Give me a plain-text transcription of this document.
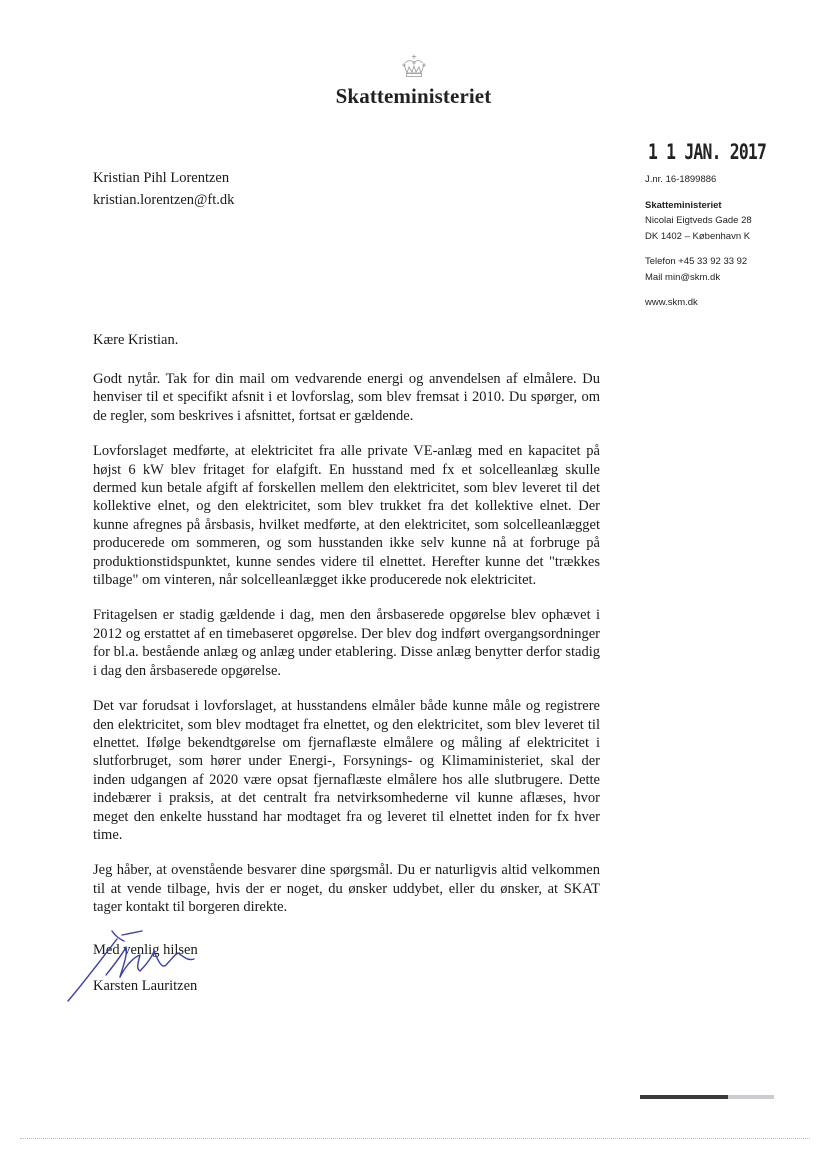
Skatteministeriet
1 1 JAN. 2017
Kristian Pihl Lorentzen
kristian.lorentzen@ft.dk
J.nr. 16-1899886
Skatteministeriet
Nicolai Eigtveds Gade 28
DK 1402 – København K
Telefon +45 33 92 33 92
Mail min@skm.dk
www.skm.dk
Kære Kristian.

Godt nytår. Tak for din mail om vedvarende energi og anvendelsen af elmålere. Du henviser til et specifikt afsnit i et lovforslag, som blev fremsat i 2010. Du spørger, om de regler, som beskrives i afsnittet, fortsat er gældende.

Lovforslaget medførte, at elektricitet fra alle private VE-anlæg med en kapacitet på højst 6 kW blev fritaget for elafgift. En husstand med fx et solcelleanlæg skulle dermed kun betale afgift af forskellen mellem den elektricitet, som blev leveret til det kollektive elnet, og den elektricitet, som blev trukket fra det kollektive elnet. Der kunne afregnes på årsbasis, hvilket medførte, at den elektricitet, som solcelleanlægget producerede om sommeren, og som husstanden ikke selv kunne nå at forbruge på produktionstidspunktet, kunne sendes videre til elnettet. Herefter kunne det "trækkes tilbage" om vinteren, når solcelleanlægget ikke producerede nok elektricitet.

Fritagelsen er stadig gældende i dag, men den årsbaserede opgørelse blev ophævet i 2012 og erstattet af en timebaseret opgørelse. Der blev dog indført overgangsordninger for bl.a. bestående anlæg og anlæg under etablering. Disse anlæg benytter derfor stadig i dag den årsbaserede opgørelse.

Det var forudsat i lovforslaget, at husstandens elmåler både kunne måle og registrere den elektricitet, som blev modtaget fra elnettet, og den elektricitet, som blev leveret til elnettet. Ifølge bekendtgørelse om fjernaflæste elmålere og måling af elektricitet i slutforbruget, som hører under Energi-, Forsynings- og Klimaministeriet, skal der inden udgangen af 2020 være opsat fjernaflæste elmålere hos alle slutbrugere. Dette indebærer i praksis, at det centralt fra netvirksomhederne vil kunne aflæses, hvor meget den enkelte husstand har modtaget fra og leveret til elnettet inden for fx hver time.

Jeg håber, at ovenstående besvarer dine spørgsmål. Du er naturligvis altid velkommen til at vende tilbage, hvis der er noget, du ønsker uddybet, eller du ønsker, at SKAT tager kontakt til borgeren direkte.

Med venlig hilsen
Karsten Lauritzen
